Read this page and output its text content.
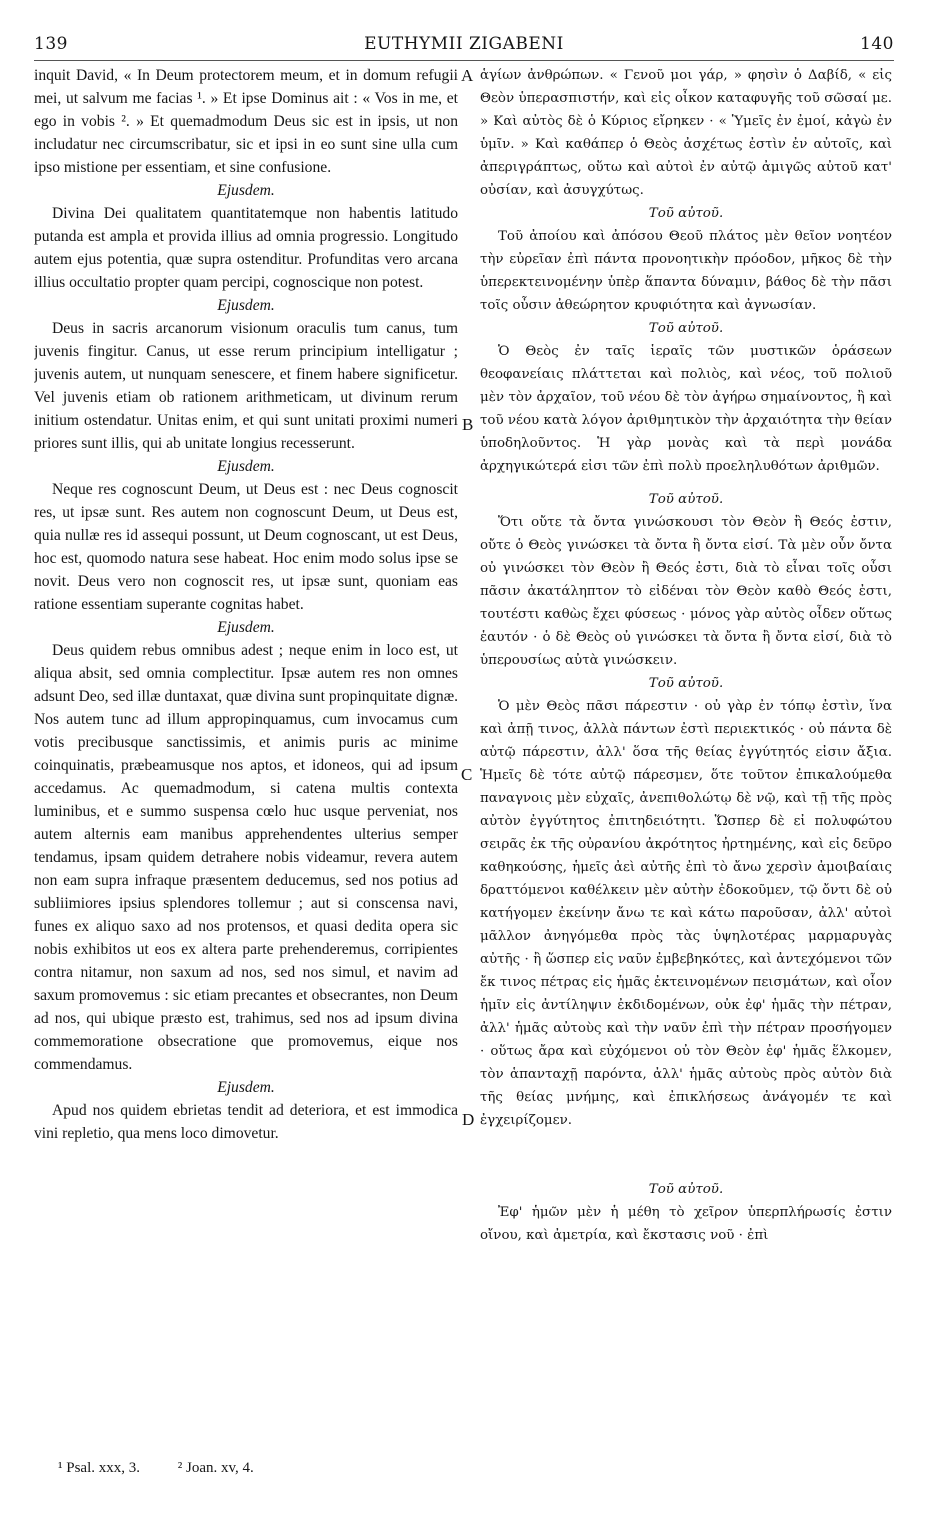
EUTHYMII ZIGABENI
139	140

inquit David, « In Deum protectorem meum, et in domum refugii mei, ut salvum me facias ¹. » Et ipse Dominus ait : « Vos in me, et ego in vobis ². » Et quemadmodum Deus sic est in ipsis, ut non includatur nec circumscribatur, sic et ipsi in eo sunt sine ulla cum ipso mistione per essentiam, et sine confusione.

Ejusdem.

Divina Dei qualitatem quantitatemque non habentis latitudo putanda est ampla et provida illius ad omnia progressio. Longitudo autem ejus potentia, quæ supra ostenditur. Profunditas vero arcana illius occultatio propter quam percipi, cognoscique non potest.

Ejusdem.

Deus in sacris arcanorum visionum oraculis tum canus, tum juvenis fingitur. Canus, ut esse rerum principium intelligatur ; juvenis autem, ut nunquam senescere, et finem habere significetur. Vel juvenis etiam ob rationem arithmeticam, ut divinum rerum initium ostendatur. Unitas enim, et qui sunt unitati proximi numeri priores sunt illis, qui ab unitate longius recesserunt.

Ejusdem.

Neque res cognoscunt Deum, ut Deus est : nec Deus cognoscit res, ut ipsæ sunt. Res autem non cognoscunt Deum, ut Deus est, quia nullæ res id assequi possunt, ut Deum cognoscant, ut est Deus, hoc est, quomodo natura sese habeat. Hoc enim modo solus ipse se novit. Deus vero non cognoscit res, ut ipsæ sunt, quoniam eas ratione essentiam superante cognitas habet.

Ejusdem.

Deus quidem rebus omnibus adest ; neque enim in loco est, ut aliqua absit, sed omnia complectitur. Ipsæ autem res non omnes adsunt Deo, sed illæ duntaxat, quæ divina sunt propinquitate dignæ. Nos autem tunc ad illum appropinquamus, cum invocamus cum votis precibusque sanctissimis, et animis puris ac minime coinquinatis, præbeamusque nos aptos, et idoneos, qui ad ipsum accedamus. Ac quemadmodum, si catena multis contexta luminibus, et e summo suspensa cœlo huc usque perveniat, nos autem alternis eam manibus apprehendentes ulterius semper tendamus, ipsam quidem detrahere nobis videamur, revera autem non eam supra infraque præsentem deducemus, sed nos potius ad subliimiores ipsius splendores tollemur ; aut si conscensa navi, funes ex aliquo saxo ad nos protensos, et quasi dedita opera sic nobis exhibitos ut eos ex altera parte prehenderemus, corripientes contra nitamur, non saxum ad nos, sed nos simul, et navim ad saxum promovemus : sic etiam precantes et obsecrantes, non Deum ad nos, qui ubique præsto est, trahimus, sed nos ad ipsum divina commemoratione obsecratione que promovemus, eique nos commendamus.

Ejusdem.

Apud nos quidem ebrietas tendit ad deteriora, et est immodica vini repletio, qua mens loco dimovetur.

ἁγίων ἀνθρώπων. « Γενοῦ μοι γάρ, » φησὶν ὁ Δαβίδ, « εἰς Θεὸν ὑπερασπιστήν, καὶ εἰς οἶκον καταφυγῆς τοῦ σῶσαί με. » Καὶ αὐτὸς δὲ ὁ Κύριος εἴρηκεν · « Ὑμεῖς ἐν ἐμοί, κἀγὼ ἐν ὑμῖν. » Καὶ καθάπερ ὁ Θεὸς ἀσχέτως ἐστὶν ἐν αὐτοῖς, καὶ ἀπεριγράπτως, οὕτω καὶ αὐτοὶ ἐν αὐτῷ ἀμιγῶς αὐτοῦ κατ' οὐσίαν, καὶ ἀσυγχύτως.

Τοῦ αὐτοῦ.

Τοῦ ἀποίου καὶ ἀπόσου Θεοῦ πλάτος μὲν θεῖον νοητέον τὴν εὐρεῖαν ἐπὶ πάντα προνοητικὴν πρόοδον, μῆκος δὲ τὴν ὑπερεκτεινομένην ὑπὲρ ἅπαντα δύναμιν, βάθος δὲ τὴν πᾶσι τοῖς οὖσιν ἀθεώρητον κρυφιότητα καὶ ἀγνωσίαν.

Τοῦ αὐτοῦ.

Ὁ Θεὸς ἐν ταῖς ἱεραῖς τῶν μυστικῶν ὁράσεων θεοφανείαις πλάττεται καὶ πολιὸς, καὶ νέος, τοῦ πολιοῦ μὲν τὸν ἀρχαῖον, τοῦ νέου δὲ τὸν ἀγήρω σημαίνοντος, ἢ καὶ τοῦ νέου κατὰ λόγον ἀριθμητικὸν τὴν ἀρχαιότητα τὴν θείαν ὑποδηλοῦντος. Ἡ γὰρ μονὰς καὶ τὰ περὶ μονάδα ἀρχηγικώτερά εἰσι τῶν ἐπὶ πολὺ προεληλυθότων ἀριθμῶν.

Τοῦ αὐτοῦ.

Ὅτι οὔτε τὰ ὄντα γινώσκουσι τὸν Θεὸν ἢ Θεός ἐστιν, οὔτε ὁ Θεὸς γινώσκει τὰ ὄντα ἢ ὄντα εἰσί. Τὰ μὲν οὖν ὄντα οὐ γινώσκει τὸν Θεὸν ἢ Θεός ἐστι, διὰ τὸ εἶναι τοῖς οὖσι πᾶσιν ἀκατάληπτον τὸ εἰδέναι τὸν Θεὸν καθὸ Θεός ἐστι, τουτέστι καθὼς ἔχει φύσεως · μόνος γὰρ αὐτὸς οἶδεν οὕτως ἑαυτόν · ὁ δὲ Θεὸς οὐ γινώσκει τὰ ὄντα ἢ ὄντα εἰσί, διὰ τὸ ὑπερουσίως αὐτὰ γινώσκειν.

Τοῦ αὐτοῦ.

Ὁ μὲν Θεὸς πᾶσι πάρεστιν · οὐ γὰρ ἐν τόπῳ ἐστὶν, ἵνα καὶ ἀπῇ τινος, ἀλλὰ πάντων ἐστὶ περιεκτικός · οὐ πάντα δὲ αὐτῷ πάρεστιν, ἀλλ' ὅσα τῆς θείας ἐγγύτητός εἰσιν ἄξια. Ἡμεῖς δὲ τότε αὐτῷ πάρεσμεν, ὅτε τοῦτον ἐπικαλούμεθα παναγνοις μὲν εὐχαῖς, ἀνεπιθολώτῳ δὲ νῷ, καὶ τῇ τῆς πρὸς αὐτὸν ἐγγύτητος ἐπιτηδειότητι. Ὥσπερ δὲ εἰ πολυφώτου σειρᾶς ἐκ τῆς οὐρανίου ἀκρότητος ἠρτημένης, καὶ εἰς δεῦρο καθηκούσης, ἡμεῖς ἀεὶ αὐτῆς ἐπὶ τὸ ἄνω χερσὶν ἀμοιβαίαις δραττόμενοι καθέλκειν μὲν αὐτὴν ἐδοκοῦμεν, τῷ ὄντι δὲ οὐ κατήγομεν ἐκείνην ἄνω τε καὶ κάτω παροῦσαν, ἀλλ' αὐτοὶ μᾶλλον ἀνηγόμεθα πρὸς τὰς ὑψηλοτέρας μαρμαρυγὰς αὐτῆς · ἢ ὥσπερ εἰς ναῦν ἐμβεβηκότες, καὶ ἀντεχόμενοι τῶν ἔκ τινος πέτρας εἰς ἡμᾶς ἐκτεινομένων πεισμάτων, καὶ οἷον ἡμῖν εἰς ἀντίληψιν ἐκδιδομένων, οὐκ ἐφ' ἡμᾶς τὴν πέτραν, ἀλλ' ἡμᾶς αὐτοὺς καὶ τὴν ναῦν ἐπὶ τὴν πέτραν προσήγομεν · οὕτως ἄρα καὶ εὐχόμενοι οὐ τὸν Θεὸν ἐφ' ἡμᾶς ἕλκομεν, τὸν ἁπανταχῇ παρόντα, ἀλλ' ἡμᾶς αὐτοὺς πρὸς αὐτὸν διὰ τῆς θείας μνήμης, καὶ ἐπικλήσεως ἀνάγομέν τε καὶ ἐγχειρίζομεν.

Τοῦ αὐτοῦ.

Ἐφ' ἡμῶν μὲν ἡ μέθη τὸ χεῖρον ὑπερπλήρωσίς ἐστιν οἴνου, καὶ ἀμετρία, καὶ ἔκστασις νοῦ · ἐπὶ

A
B
C
D
¹ Psal. xxx, 3.	² Joan. xv, 4.
